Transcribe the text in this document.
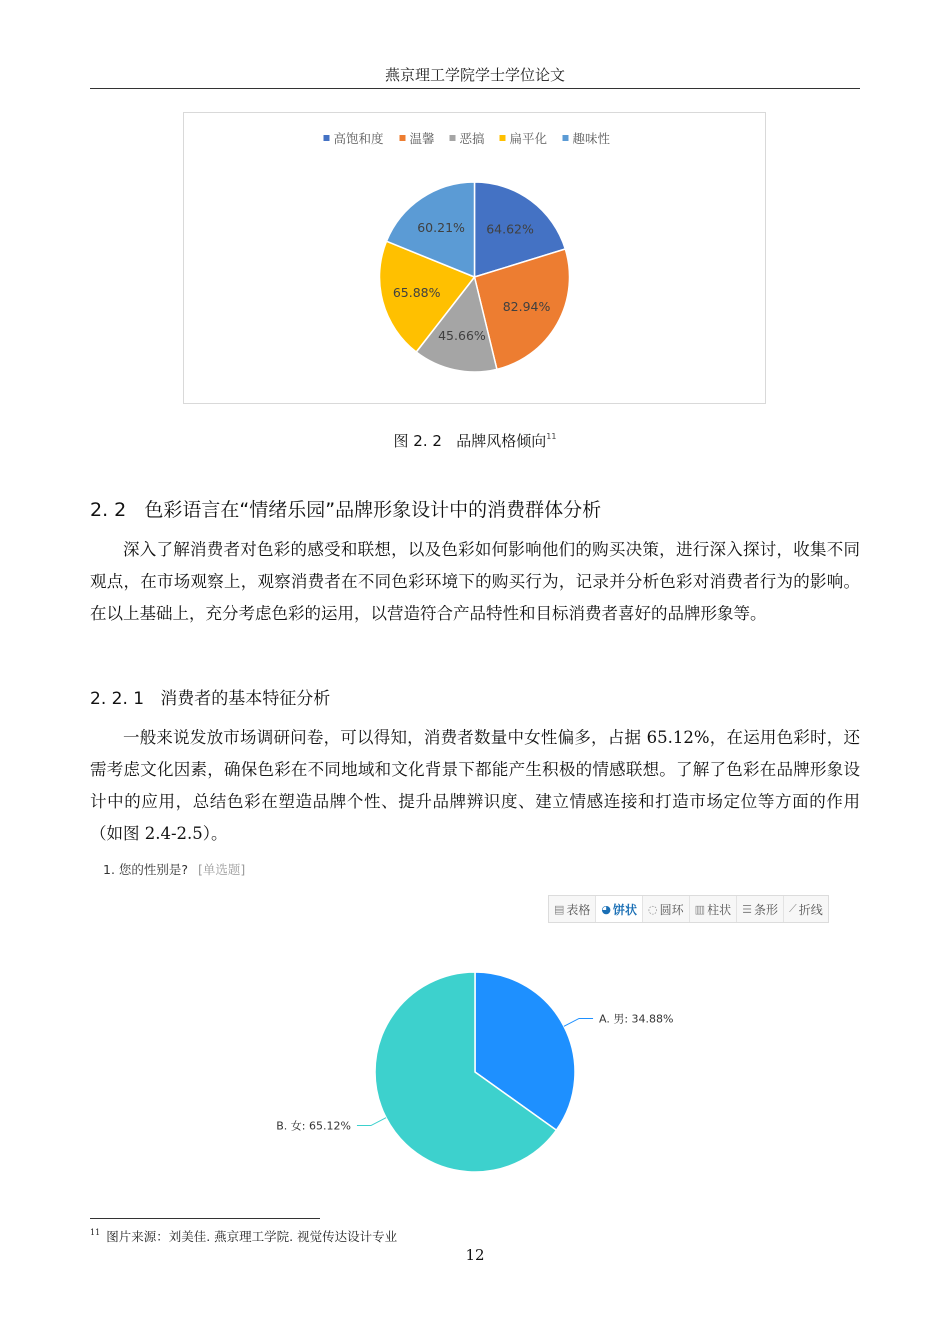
燕京理工学院学士学位论文
高饱和度 温馨 恶搞 扁平化 趣味性
64.62%
82.94%
45.66%
65.88%
60.21%
图 2. 2 品牌风格倾向$^{11}$
2. 2 色彩语言在“情绪乐园”品牌形象设计中的消费群体分析
深入了解消费者对色彩的感受和联想，以及色彩如何影响他们的购买决策，进行深入探讨，收集不同观点，在市场观察上，观察消费者在不同色彩环境下的购买行为，记录并分析色彩对消费者行为的影响。在以上基础上，充分考虑色彩的运用，以营造符合产品特性和目标消费者喜好的品牌形象等。
2. 2. 1 消费者的基本特征分析
一般来说发放市场调研问卷，可以得知，消费者数量中女性偏多，占据 65.12%，在运用色彩时，还需考虑文化因素，确保色彩在不同地域和文化背景下都能产生积极的情感联想。了解了色彩在品牌形象设计中的应用，总结色彩在塑造品牌个性、提升品牌辨识度、建立情感连接和打造市场定位等方面的作用（如图 2.4-2.5）。
1. 您的性别是? [单选题]
▤ 表格 ◕ 饼状 ◌ 圆环 ▥ 柱状 ☰ 条形 ⟋ 折线
A. 男: 34.88%
B. 女: 65.12%
$^{11}$ 图片来源：刘美佳. 燕京理工学院. 视觉传达设计专业
12
